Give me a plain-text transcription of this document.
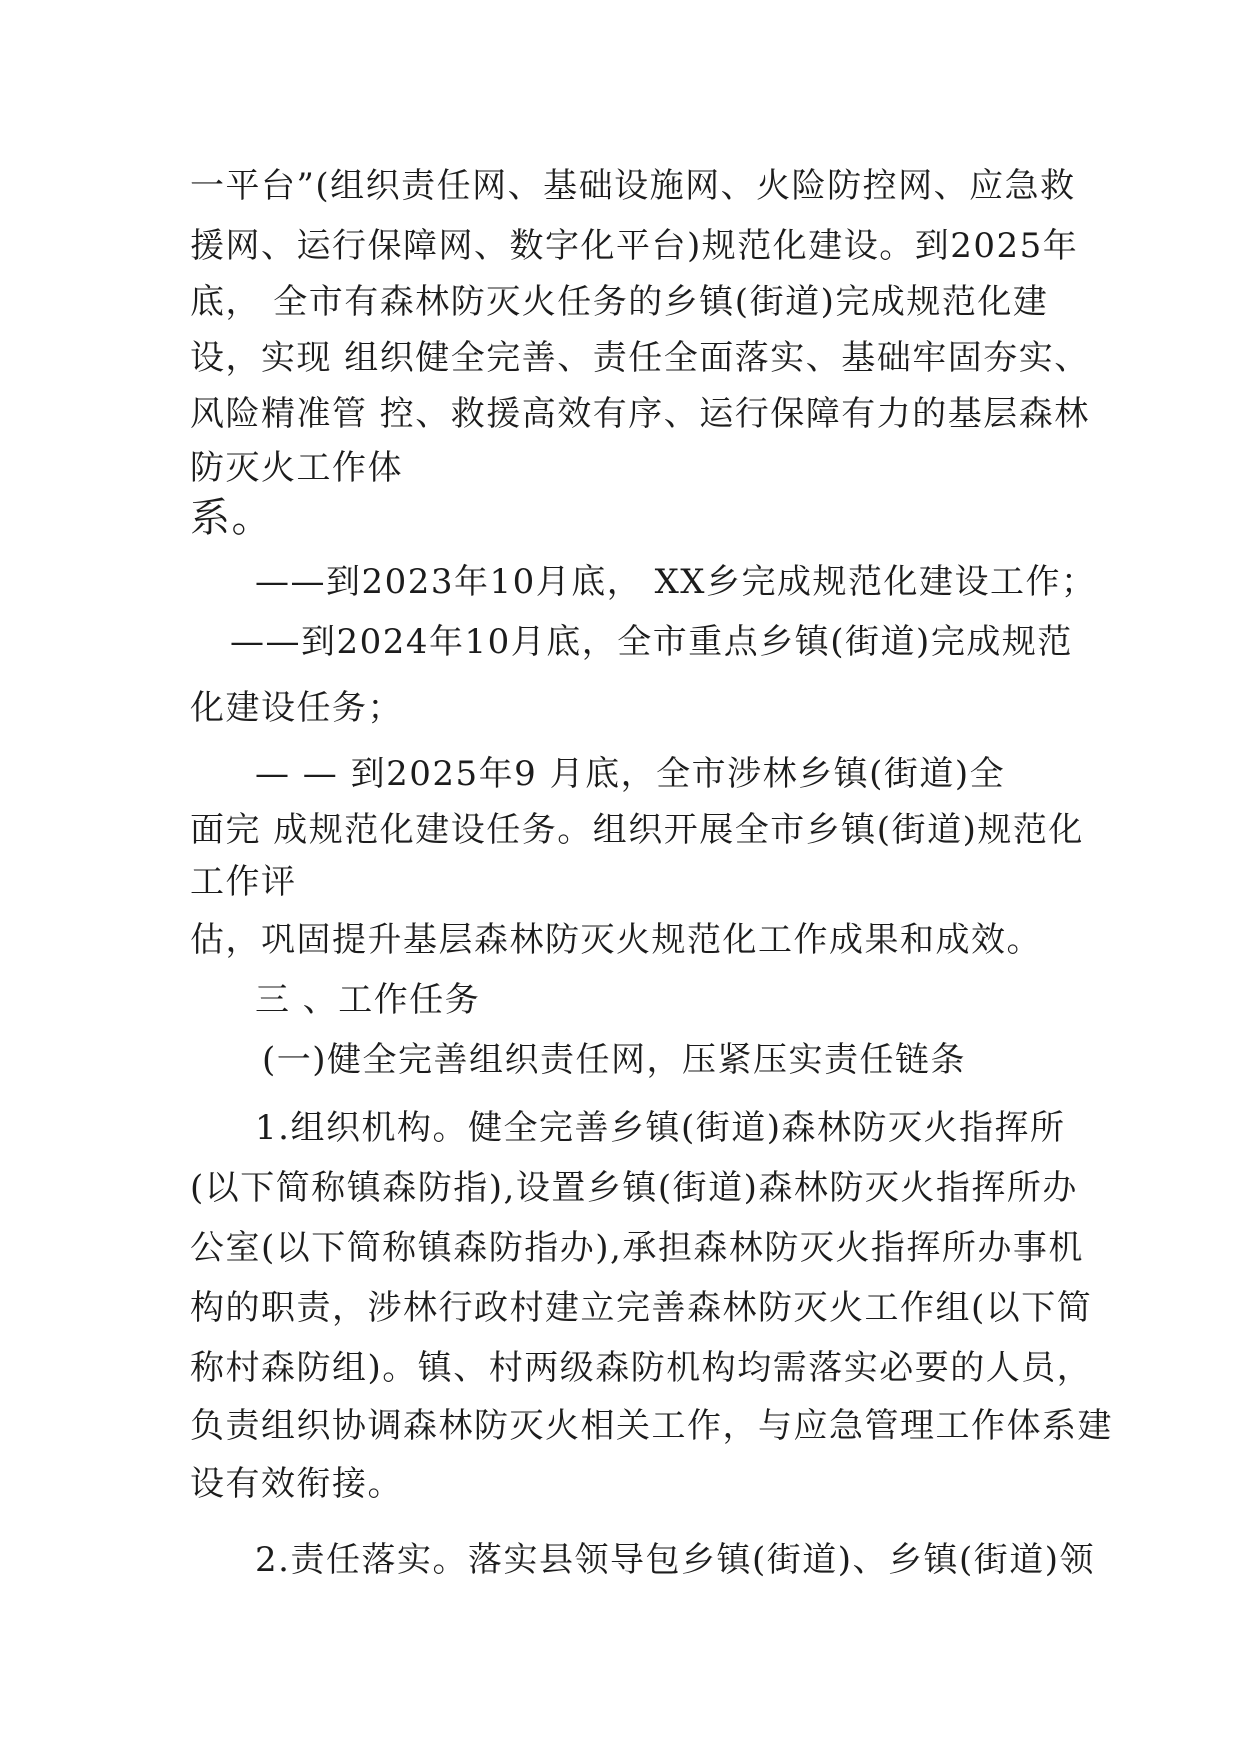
一平台”(组织责任网、基础设施网、火险防控网、应急救

援网、运行保障网、数字化平台)规范化建设。到2025年

底， 全市有森林防灭火任务的乡镇(街道)完成规范化建

设，实现 组织健全完善、责任全面落实、基础牢固夯实、

风险精准管 控、救援高效有序、运行保障有力的基层森林

防灭火工作体

系。

——到2023年10月底， XX乡完成规范化建设工作；

——到2024年10月底，全市重点乡镇(街道)完成规范

化建设任务；

— — 到2025年9 月底，全市涉林乡镇(街道)全

面完 成规范化建设任务。组织开展全市乡镇(街道)规范化

工作评

估，巩固提升基层森林防灭火规范化工作成果和成效。

三 、工作任务

(一)健全完善组织责任网，压紧压实责任链条

1.组织机构。健全完善乡镇(街道)森林防灭火指挥所

(以下简称镇森防指),设置乡镇(街道)森林防灭火指挥所办

公室(以下简称镇森防指办),承担森林防灭火指挥所办事机

构的职责，涉林行政村建立完善森林防灭火工作组(以下简

称村森防组)。镇、村两级森防机构均需落实必要的人员，

负责组织协调森林防灭火相关工作，与应急管理工作体系建

设有效衔接。

2.责任落实。落实县领导包乡镇(街道)、乡镇(街道)领
